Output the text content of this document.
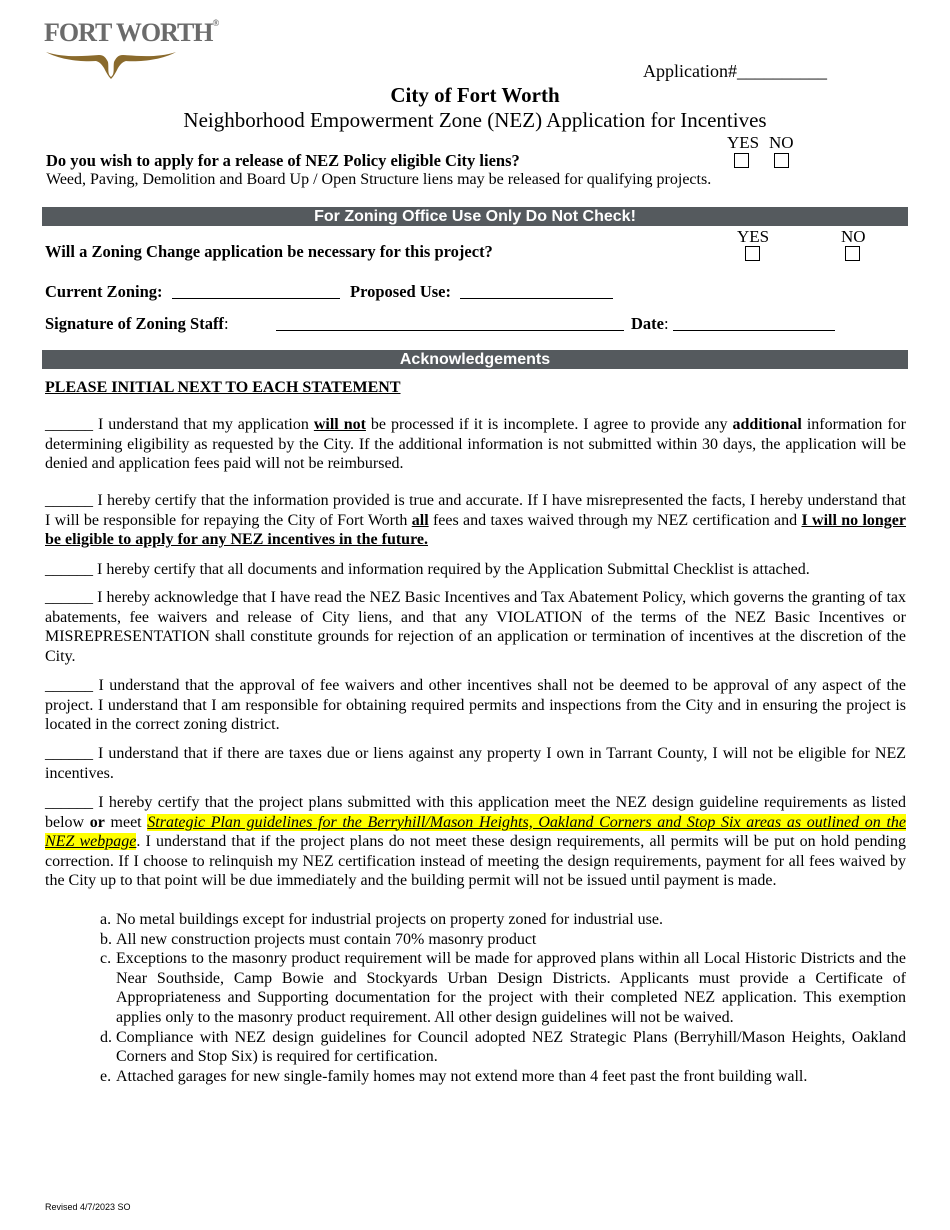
FORT WORTH®
Application#__________
City of Fort Worth
Neighborhood Empowerment Zone (NEZ) Application for Incentives
YES NO
Do you wish to apply for a release of NEZ Policy eligible City liens?
Weed, Paving, Demolition and Board Up / Open Structure liens may be released for qualifying projects.
For Zoning Office Use Only Do Not Check!
YES	NO
Will a Zoning Change application be necessary for this project?
Current Zoning:	Proposed Use:
Signature of Zoning Staff:	Date:
Acknowledgements
PLEASE INITIAL NEXT TO EACH STATEMENT
______ I understand that my application will not be processed if it is incomplete. I agree to provide any additional information for determining eligibility as requested by the City. If the additional information is not submitted within 30 days, the application will be denied and application fees paid will not be reimbursed.
______ I hereby certify that the information provided is true and accurate. If I have misrepresented the facts, I hereby understand that I will be responsible for repaying the City of Fort Worth all fees and taxes waived through my NEZ certification and I will no longer be eligible to apply for any NEZ incentives in the future.
______ I hereby certify that all documents and information required by the Application Submittal Checklist is attached.
______ I hereby acknowledge that I have read the NEZ Basic Incentives and Tax Abatement Policy, which governs the granting of tax abatements, fee waivers and release of City liens, and that any VIOLATION of the terms of the NEZ Basic Incentives or MISREPRESENTATION shall constitute grounds for rejection of an application or termination of incentives at the discretion of the City.
______ I understand that the approval of fee waivers and other incentives shall not be deemed to be approval of any aspect of the project. I understand that I am responsible for obtaining required permits and inspections from the City and in ensuring the project is located in the correct zoning district.
______ I understand that if there are taxes due or liens against any property I own in Tarrant County, I will not be eligible for NEZ incentives.
______ I hereby certify that the project plans submitted with this application meet the NEZ design guideline requirements as listed below or meet Strategic Plan guidelines for the Berryhill/Mason Heights, Oakland Corners and Stop Six areas as outlined on the NEZ webpage. I understand that if the project plans do not meet these design requirements, all permits will be put on hold pending correction. If I choose to relinquish my NEZ certification instead of meeting the design requirements, payment for all fees waived by the City up to that point will be due immediately and the building permit will not be issued until payment is made.
a. No metal buildings except for industrial projects on property zoned for industrial use.
b. All new construction projects must contain 70% masonry product
c. Exceptions to the masonry product requirement will be made for approved plans within all Local Historic Districts and the Near Southside, Camp Bowie and Stockyards Urban Design Districts. Applicants must provide a Certificate of Appropriateness and Supporting documentation for the project with their completed NEZ application. This exemption applies only to the masonry product requirement. All other design guidelines will not be waived.
d. Compliance with NEZ design guidelines for Council adopted NEZ Strategic Plans (Berryhill/Mason Heights, Oakland Corners and Stop Six) is required for certification.
e. Attached garages for new single-family homes may not extend more than 4 feet past the front building wall.
Revised 4/7/2023 SO
